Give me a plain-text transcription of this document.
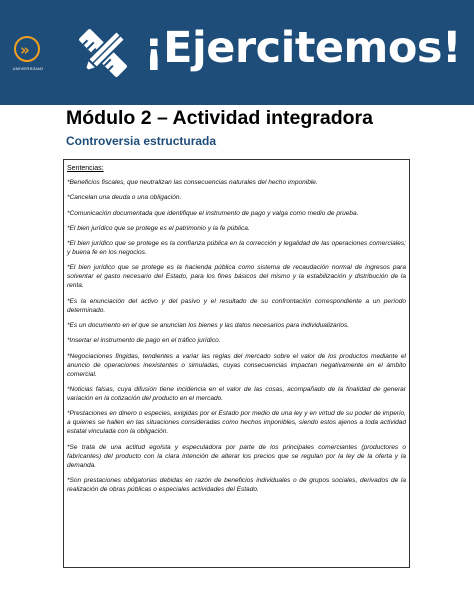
»
UNIVERSIDAD ¡Ejercitemos!
Módulo 2 – Actividad integradora
Controversia estructurada
Sentencias:

*Beneficios fiscales, que neutralizan las consecuencias naturales del hecho imponible.

*Cancelan una deuda o una obligación.

*Comunicación documentada que identifique el instrumento de pago y valga como medio de prueba.

*El bien jurídico que se protege es el patrimonio y la fe pública.

*El bien jurídico que se protege es la confianza pública en la corrección y legalidad de las operaciones comerciales; y buena fe en los negocios.

*El bien jurídico que se protege es la hacienda pública como sistema de recaudación normal de ingresos para solventar el gasto necesario del Estado, para los fines básicos del mismo y la estabilización y distribución de la renta.

*Es la enunciación del activo y del pasivo y el resultado de su confrontación correspondiente a un período determinado.

*Es un documento en el que se anuncian los bienes y las datos necesarios para individualizarlos.

*Insertar el instrumento de pago en el tráfico jurídico.

*Negociaciones fingidas, tendientes a variar las reglas del mercado sobre el valor de los productos mediante el anuncio de operaciones inexistentes o simuladas, cuyas consecuencias impactan negativamente en el ámbito comercial.

*Noticias falsas, cuya difusión tiene incidencia en el valor de las cosas, acompañado de la finalidad de generar variación en la cotización del producto en el mercado.

*Prestaciones en dinero o especies, exigidas por el Estado por medio de una ley y en virtud de su poder de imperio, a quienes se hallen en las situaciones consideradas como hechos imponibles, siendo estos ajenos a toda actividad estatal vinculada con la obligación.

*Se trata de una actitud egoísta y especuladora por parte de los principales comerciantes (productores o fabricantes) del producto con la clara intención de alterar los precios que se regulan por la ley de la oferta y la demanda.

*Son prestaciones obligatorias debidas en razón de beneficios individuales o de grupos sociales, derivados de la realización de obras públicas o especiales actividades del Estado.
